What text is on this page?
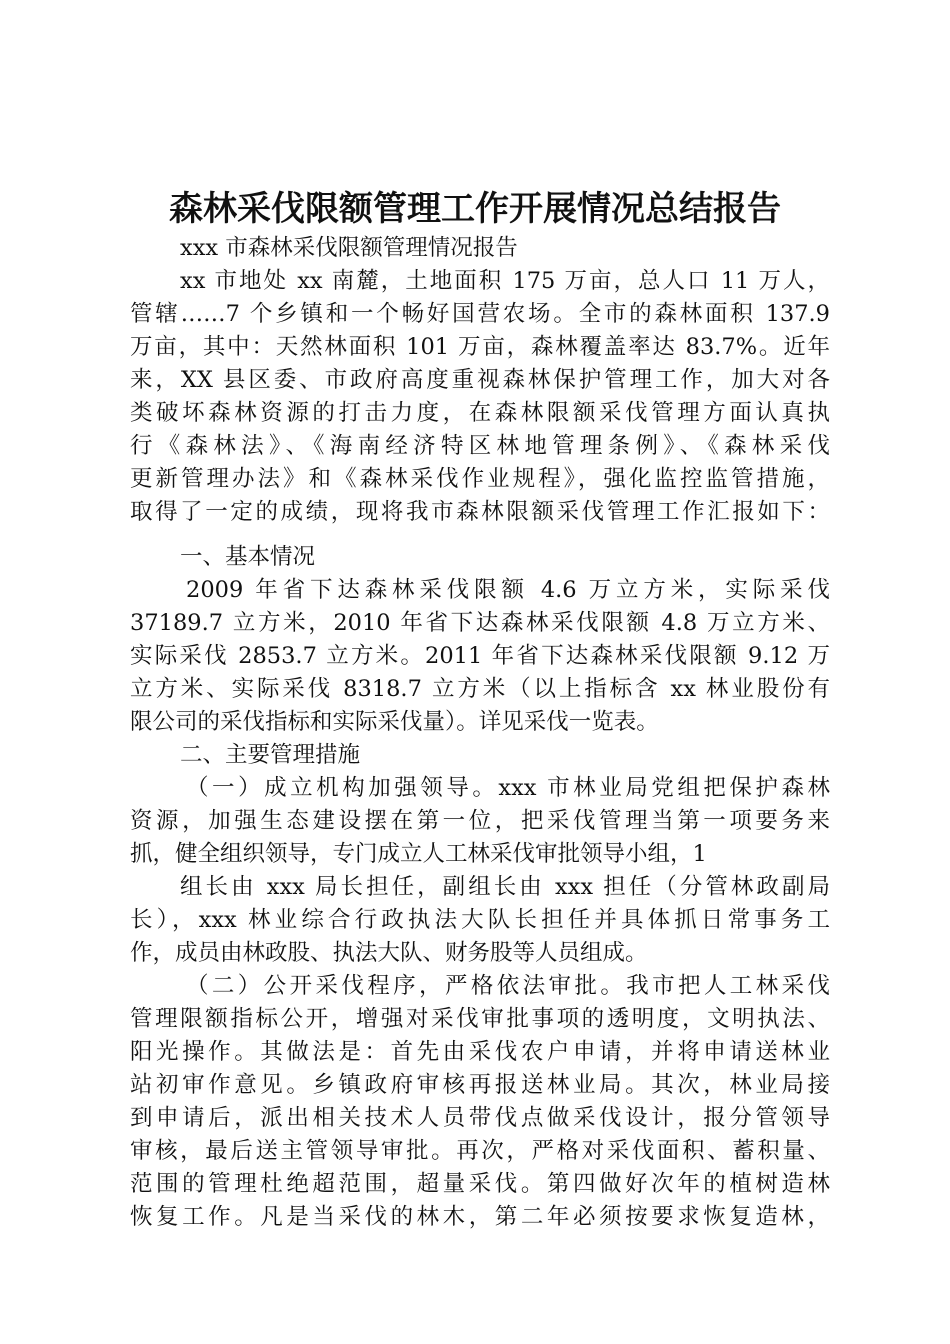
森林采伐限额管理工作开展情况总结报告

xxx 市森林采伐限额管理情况报告

xx 市地处 xx 南麓，土地面积 175 万亩，总人口 11 万人，

管辖……7 个乡镇和一个畅好国营农场。全市的森林面积 137.9

万亩，其中：天然林面积 101 万亩，森林覆盖率达 83.7%。近年

来，XX 县区委、市政府高度重视森林保护管理工作，加大对各

类破坏森林资源的打击力度，在森林限额采伐管理方面认真执

行《森林法》、《海南经济特区林地管理条例》、《森林采伐

更新管理办法》和《森林采伐作业规程》，强化监控监管措施，

取得了一定的成绩，现将我市森林限额采伐管理工作汇报如下：

一、基本情况

2009 年省下达森林采伐限额 4.6 万立方米，实际采伐

37189.7 立方米，2010 年省下达森林采伐限额 4.8 万立方米、

实际采伐 2853.7 立方米。2011 年省下达森林采伐限额 9.12 万

立方米、实际采伐 8318.7 立方米（以上指标含 xx 林业股份有

限公司的采伐指标和实际采伐量）。详见采伐一览表。

二、主要管理措施

（一）成立机构加强领导。xxx 市林业局党组把保护森林

资源，加强生态建设摆在第一位，把采伐管理当第一项要务来

抓，健全组织领导，专门成立人工林采伐审批领导小组，1

组长由 xxx 局长担任，副组长由 xxx 担任（分管林政副局

长），xxx 林业综合行政执法大队长担任并具体抓日常事务工

作，成员由林政股、执法大队、财务股等人员组成。

（二）公开采伐程序，严格依法审批。我市把人工林采伐

管理限额指标公开，增强对采伐审批事项的透明度，文明执法、

阳光操作。其做法是：首先由采伐农户申请，并将申请送林业

站初审作意见。乡镇政府审核再报送林业局。其次，林业局接

到申请后，派出相关技术人员带伐点做采伐设计，报分管领导

审核，最后送主管领导审批。再次，严格对采伐面积、蓄积量、

范围的管理杜绝超范围，超量采伐。第四做好次年的植树造林

恢复工作。凡是当采伐的林木，第二年必须按要求恢复造林，
